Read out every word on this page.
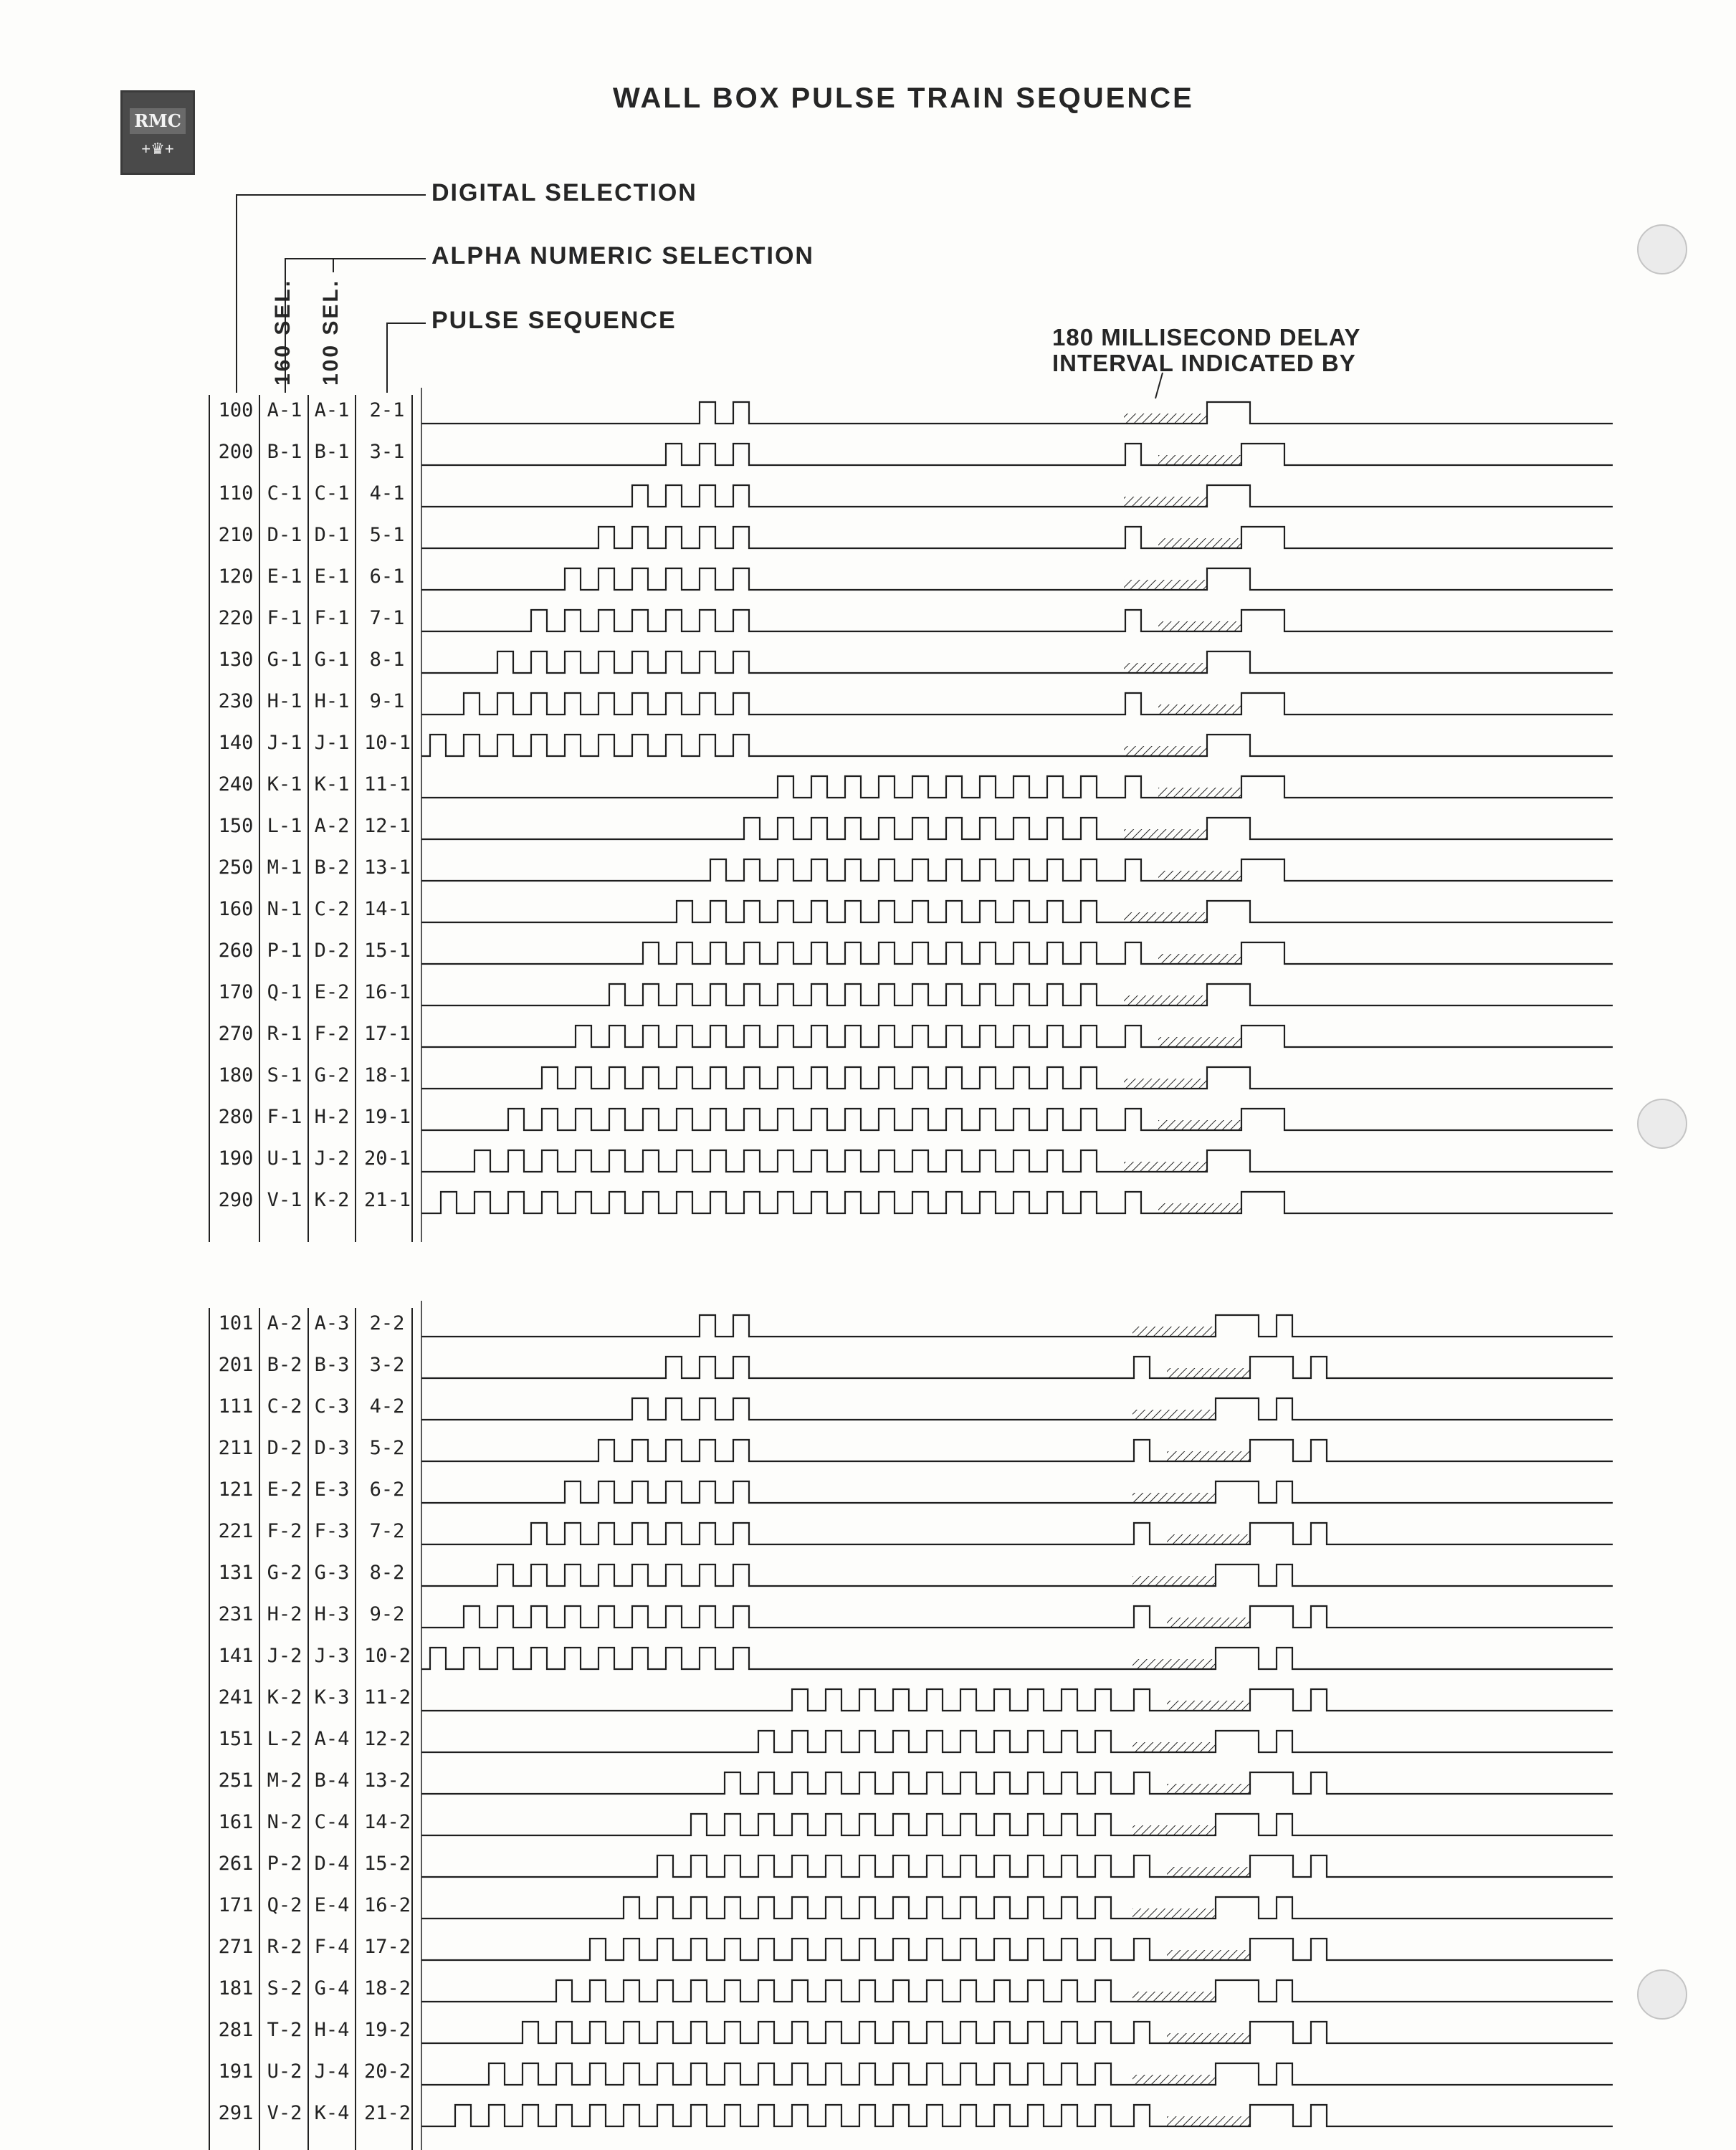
RMC
+♛+
WALL BOX PULSE TRAIN SEQUENCE
DIGITAL SELECTION
ALPHA NUMERIC SELECTION
PULSE SEQUENCE
160 SEL. 100 SEL.	180 MILLISECOND DELAY
INTERVAL INDICATED BY
100 A-1 A-1 2-1
200 B-1 B-1 3-1
110 C-1 C-1 4-1
210 D-1 D-1 5-1
120 E-1 E-1 6-1
220 F-1 F-1 7-1
130 G-1 G-1 8-1
230 H-1 H-1 9-1
140 J-1 J-1 10-1
240 K-1 K-1 11-1
150 L-1 A-2 12-1
250 M-1 B-2 13-1
160 N-1 C-2 14-1
260 P-1 D-2 15-1
170 Q-1 E-2 16-1
270 R-1 F-2 17-1
180 S-1 G-2 18-1
280 F-1 H-2 19-1
190 U-1 J-2 20-1
290 V-1 K-2 21-1
101 A-2 A-3 2-2
201 B-2 B-3 3-2
111 C-2 C-3 4-2
211 D-2 D-3 5-2
121 E-2 E-3 6-2
221 F-2 F-3 7-2
131 G-2 G-3 8-2
231 H-2 H-3 9-2
141 J-2 J-3 10-2
241 K-2 K-3 11-2
151 L-2 A-4 12-2
251 M-2 B-4 13-2
161 N-2 C-4 14-2
261 P-2 D-4 15-2
171 Q-2 E-4 16-2
271 R-2 F-4 17-2
181 S-2 G-4 18-2
281 T-2 H-4 19-2
191 U-2 J-4 20-2
291 V-2 K-4 21-2
